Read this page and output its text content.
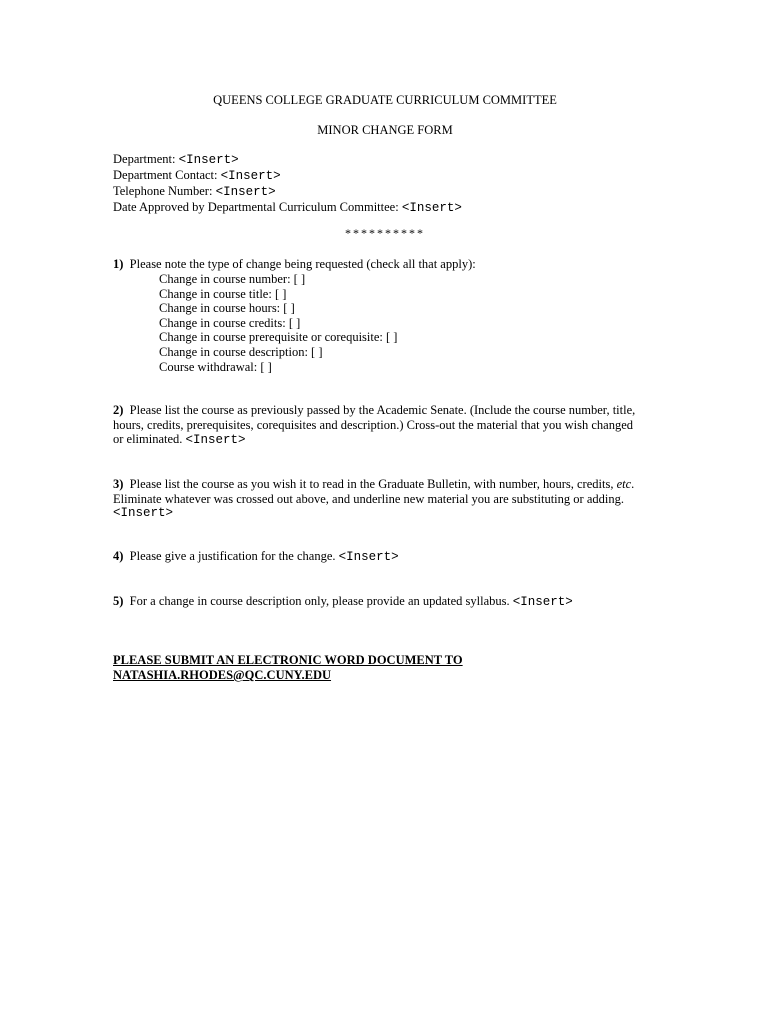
QUEENS COLLEGE GRADUATE CURRICULUM COMMITTEE
MINOR CHANGE FORM
Department: <Insert>
Department Contact: <Insert>
Telephone Number: <Insert>
Date Approved by Departmental Curriculum Committee: <Insert>
**********
1) Please note the type of change being requested (check all that apply):
Change in course number: [ ]
Change in course title: [ ]
Change in course hours: [ ]
Change in course credits: [ ]
Change in course prerequisite or corequisite: [ ]
Change in course description: [ ]
Course withdrawal: [ ]
2) Please list the course as previously passed by the Academic Senate. (Include the course number, title,
hours, credits, prerequisites, corequisites and description.) Cross-out the material that you wish changed
or eliminated. <Insert>
3) Please list the course as you wish it to read in the Graduate Bulletin, with number, hours, credits, etc.
Eliminate whatever was crossed out above, and underline new material you are substituting or adding.
<Insert>
4) Please give a justification for the change. <Insert>
5) For a change in course description only, please provide an updated syllabus. <Insert>
PLEASE SUBMIT AN ELECTRONIC WORD DOCUMENT TO
NATASHIA.RHODES@QC.CUNY.EDU
